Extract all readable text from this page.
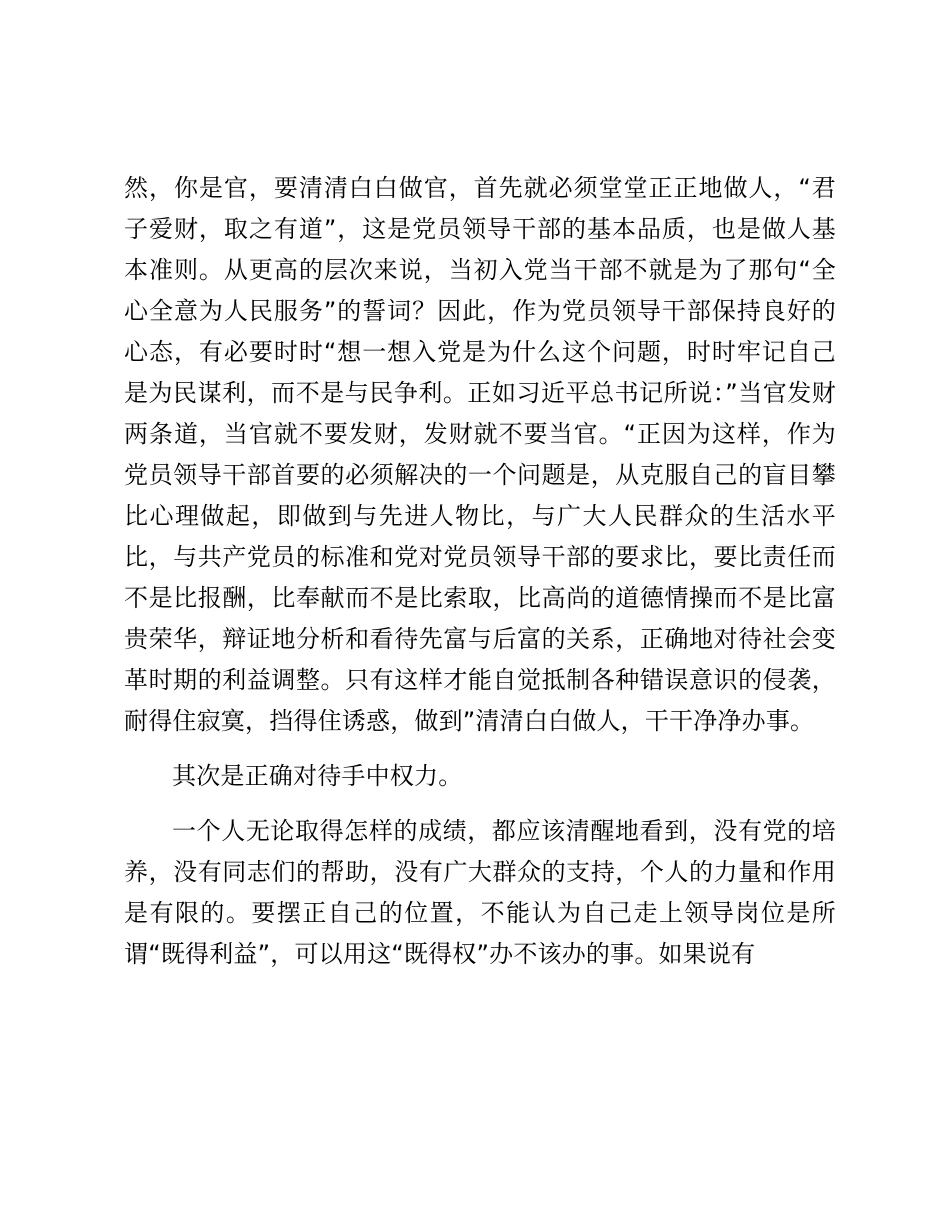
然，你是官，要清清白白做官，首先就必须堂堂正正地做人，“君子爱财，取之有道”，这是党员领导干部的基本品质，也是做人基本准则。从更高的层次来说，当初入党当干部不就是为了那句“全心全意为人民服务”的誓词？因此，作为党员领导干部保持良好的心态，有必要时时“想一想入党是为什么这个问题，时时牢记自己是为民谋利，而不是与民争利。正如习近平总书记所说：”当官发财两条道，当官就不要发财，发财就不要当官。“正因为这样，作为党员领导干部首要的必须解决的一个问题是，从克服自己的盲目攀比心理做起，即做到与先进人物比，与广大人民群众的生活水平比，与共产党员的标准和党对党员领导干部的要求比，要比责任而不是比报酬，比奉献而不是比索取，比高尚的道德情操而不是比富贵荣华，辩证地分析和看待先富与后富的关系，正确地对待社会变革时期的利益调整。只有这样才能自觉抵制各种错误意识的侵袭，耐得住寂寞，挡得住诱惑，做到”清清白白做人，干干净净办事。

其次是正确对待手中权力。

一个人无论取得怎样的成绩，都应该清醒地看到，没有党的培养，没有同志们的帮助，没有广大群众的支持，个人的力量和作用是有限的。要摆正自己的位置，不能认为自己走上领导岗位是所谓“既得利益”，可以用这“既得权”办不该办的事。如果说有
